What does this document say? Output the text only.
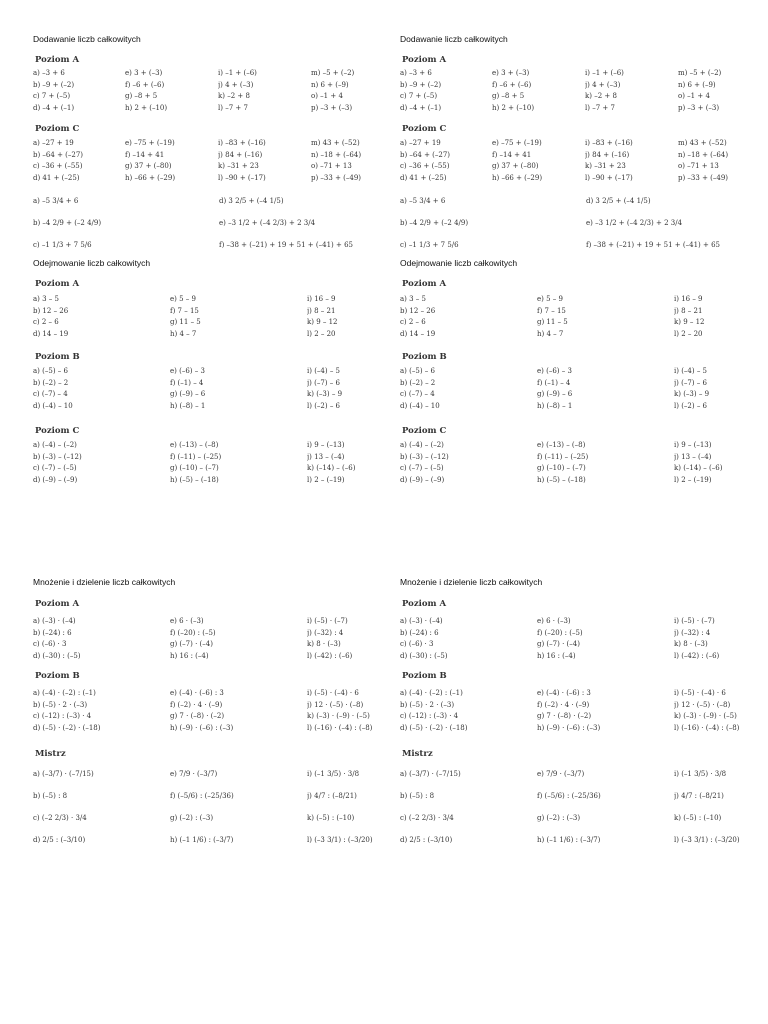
Dodawanie liczb całkowitych
Poziom A
a) –3 + 6	e) 3 + (–3)	i) –1 + (–6)	m) –5 + (–2)
b) –9 + (–2)	f) –6 + (–6)	j) 4 + (–3)	n) 6 + (–9)
c) 7 + (–5)	g) –8 + 5	k) –2 + 8	o) –1 + 4
d) –4 + (–1)	h) 2 + (–10)	l) –7 + 7	p) –3 + (–3)
Poziom C
a) –27 + 19	e) –75 + (–19)	i) –83 + (–16)	m) 43 + (–52)
b) –64 + (–27)	f) –14 + 41	j) 84 + (–16)	n) –18 + (–64)
c) –36 + (–55)	g) 37 + (–80)	k) –31 + 23	o) –71 + 13
d) 41 + (–25)	h) –66 + (–29)	l) –90 + (–17)	p) –33 + (–49)
a) –5 3/4 + 6	d) 3 2/5 + (–4 1/5)
b) –4 2/9 + (–2 4/9)	e) –3 1/2 + (–4 2/3) + 2 3/4
c) –1 1/3 + 7 5/6	f) –38 + (–21) + 19 + 51 + (–41) + 65
Odejmowanie liczb całkowitych
Poziom A
a) 3 – 5	e) 5 – 9	i) 16 – 9
b) 12 – 26	f) 7 – 15	j) 8 – 21
c) 2 – 6	g) 11 – 5	k) 9 – 12
d) 14 – 19	h) 4 – 7	l) 2 – 20
Poziom B
a) (–5) – 6	e) (–6) – 3	i) (–4) – 5
b) (–2) – 2	f) (–1) – 4	j) (–7) – 6
c) (–7) – 4	g) (–9) – 6	k) (–3) – 9
d) (–4) – 10	h) (–8) – 1	l) (–2) – 6
Poziom C
a) (–4) – (–2)	e) (–13) – (–8)	i) 9 – (–13)
b) (–3) – (–12)	f) (–11) – (–25)	j) 13 – (–4)
c) (–7) – (–5)	g) (–10) – (–7)	k) (–14) – (–6)
d) (–9) – (–9)	h) (–5) – (–18)	l) 2 – (–19)
Mnożenie i dzielenie liczb całkowitych
Poziom A
a) (–3) · (–4)	e) 6 · (–3)	i) (–5) · (–7)
b) (–24) : 6	f) (–20) : (–5)	j) (–32) : 4
c) (–6) · 3	g) (–7) · (–4)	k) 8 · (–3)
d) (–30) : (–5)	h) 16 : (–4)	l) (–42) : (–6)
Poziom B
a) (–4) · (–2) : (–1)	e) (–4) · (–6) : 3	i) (–5) · (–4) · 6
b) (–5) · 2 · (–3)	f) (–2) · 4 · (–9)	j) 12 · (–5) · (–8)
c) (–12) : (–3) · 4	g) 7 · (–8) · (–2)	k) (–3) · (–9) · (–5)
d) (–5) · (–2) · (–18)	h) (–9) · (–6) : (–3)	l) (–16) · (–4) : (–8)
Mistrz
a) (–3/7) · (–7/15)	e) 7/9 · (–3/7)	i) (–1 3/5) · 3/8
b) (–5) : 8	f) (–5/6) : (–25/36)	j) 4/7 : (–8/21)
c) (–2 2/3) · 3/4	g) (–2) : (–3)	k) (–5) : (–10)
d) 2/5 : (–3/10)	h) (–1 1/6) : (–3/7)	l) (–3 3/1) : (–3/20)
Dodawanie liczb całkowitych
Poziom A
a) –3 + 6	e) 3 + (–3)	i) –1 + (–6)	m) –5 + (–2)
b) –9 + (–2)	f) –6 + (–6)	j) 4 + (–3)	n) 6 + (–9)
c) 7 + (–5)	g) –8 + 5	k) –2 + 8	o) –1 + 4
d) –4 + (–1)	h) 2 + (–10)	l) –7 + 7	p) –3 + (–3)
Poziom C
a) –27 + 19	e) –75 + (–19)	i) –83 + (–16)	m) 43 + (–52)
b) –64 + (–27)	f) –14 + 41	j) 84 + (–16)	n) –18 + (–64)
c) –36 + (–55)	g) 37 + (–80)	k) –31 + 23	o) –71 + 13
d) 41 + (–25)	h) –66 + (–29)	l) –90 + (–17)	p) –33 + (–49)
a) –5 3/4 + 6	d) 3 2/5 + (–4 1/5)
b) –4 2/9 + (–2 4/9)	e) –3 1/2 + (–4 2/3) + 2 3/4
c) –1 1/3 + 7 5/6	f) –38 + (–21) + 19 + 51 + (–41) + 65
Odejmowanie liczb całkowitych
Poziom A
a) 3 – 5	e) 5 – 9	i) 16 – 9
b) 12 – 26	f) 7 – 15	j) 8 – 21
c) 2 – 6	g) 11 – 5	k) 9 – 12
d) 14 – 19	h) 4 – 7	l) 2 – 20
Poziom B
a) (–5) – 6	e) (–6) – 3	i) (–4) – 5
b) (–2) – 2	f) (–1) – 4	j) (–7) – 6
c) (–7) – 4	g) (–9) – 6	k) (–3) – 9
d) (–4) – 10	h) (–8) – 1	l) (–2) – 6
Poziom C
a) (–4) – (–2)	e) (–13) – (–8)	i) 9 – (–13)
b) (–3) – (–12)	f) (–11) – (–25)	j) 13 – (–4)
c) (–7) – (–5)	g) (–10) – (–7)	k) (–14) – (–6)
d) (–9) – (–9)	h) (–5) – (–18)	l) 2 – (–19)
Mnożenie i dzielenie liczb całkowitych
Poziom A
a) (–3) · (–4)	e) 6 · (–3)	i) (–5) · (–7)
b) (–24) : 6	f) (–20) : (–5)	j) (–32) : 4
c) (–6) · 3	g) (–7) · (–4)	k) 8 · (–3)
d) (–30) : (–5)	h) 16 : (–4)	l) (–42) : (–6)
Poziom B
a) (–4) · (–2) : (–1)	e) (–4) · (–6) : 3	i) (–5) · (–4) · 6
b) (–5) · 2 · (–3)	f) (–2) · 4 · (–9)	j) 12 · (–5) · (–8)
c) (–12) : (–3) · 4	g) 7 · (–8) · (–2)	k) (–3) · (–9) · (–5)
d) (–5) · (–2) · (–18)	h) (–9) · (–6) : (–3)	l) (–16) · (–4) : (–8)
Mistrz
a) (–3/7) · (–7/15)	e) 7/9 · (–3/7)	i) (–1 3/5) · 3/8
b) (–5) : 8	f) (–5/6) : (–25/36)	j) 4/7 : (–8/21)
c) (–2 2/3) · 3/4	g) (–2) : (–3)	k) (–5) : (–10)
d) 2/5 : (–3/10)	h) (–1 1/6) : (–3/7)	l) (–3 3/1) : (–3/20)
